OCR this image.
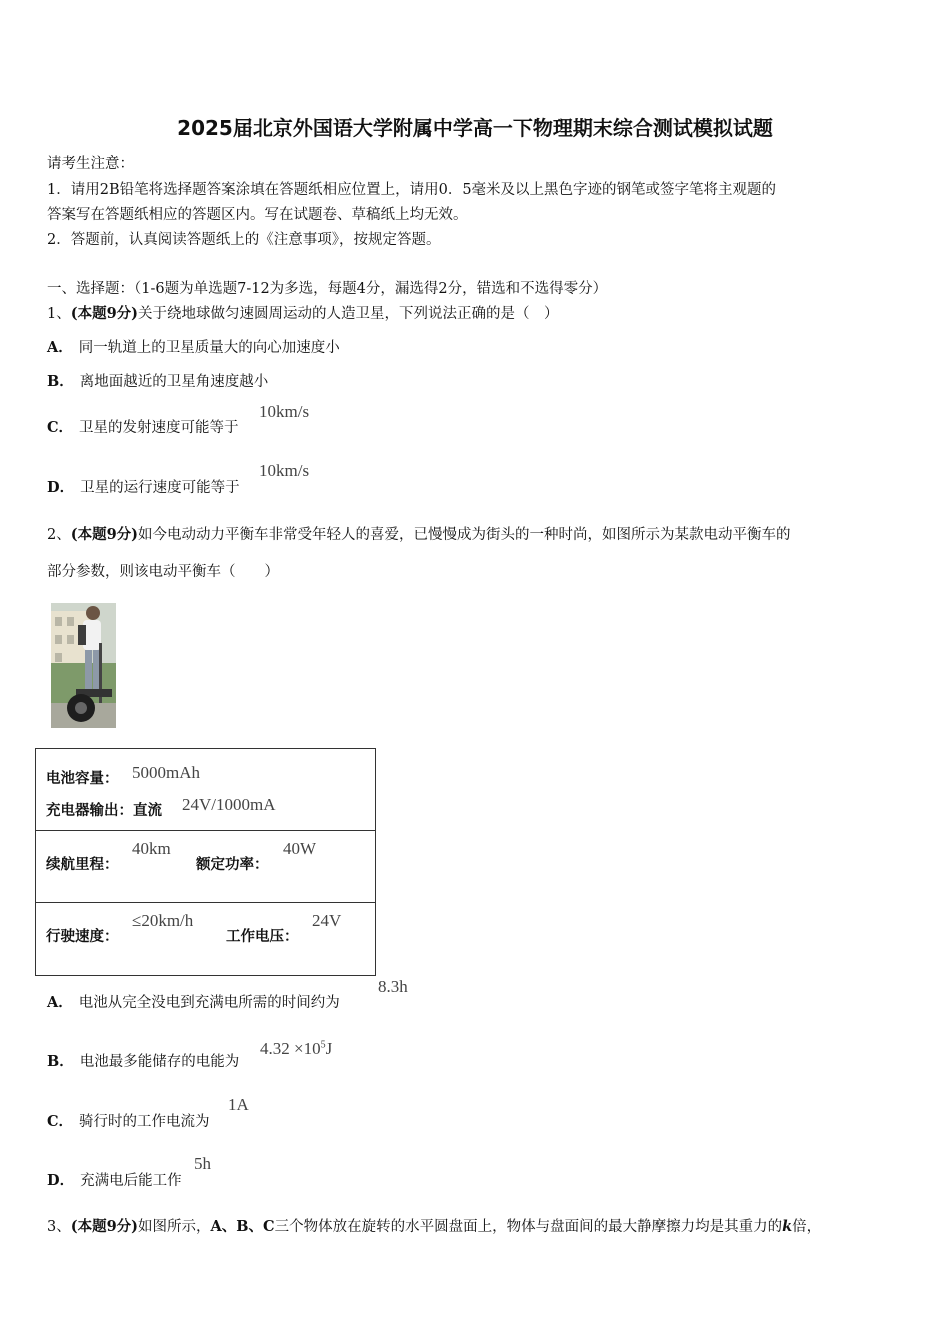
2025届北京外国语大学附属中学高一下物理期末综合测试模拟试题
请考生注意：
1．请用2B铅笔将选择题答案涂填在答题纸相应位置上，请用0．5毫米及以上黑色字迹的钢笔或签字笔将主观题的
答案写在答题纸相应的答题区内。写在试题卷、草稿纸上均无效。
2．答题前，认真阅读答题纸上的《注意事项》，按规定答题。
一、选择题：（1-6题为单选题7-12为多选，每题4分，漏选得2分，错选和不选得零分）
1、(本题9分)关于绕地球做匀速圆周运动的人造卫星，下列说法正确的是（　）
A． 同一轨道上的卫星质量大的向心加速度小
B． 离地面越近的卫星角速度越小
C． 卫星的发射速度可能等于
10km/s
D． 卫星的运行速度可能等于
10km/s
2、(本题9分)如今电动动力平衡车非常受年轻人的喜爱，已慢慢成为街头的一种时尚，如图所示为某款电动平衡车的
部分参数，则该电动平衡车（　　）
电池容量： 5000mAh
充电器输出：直流 24V/1000mA

续航里程：
40km
额定功率：
40W

行驶速度：
≤20km/h
工作电压：
24V
A． 电池从完全没电到充满电所需的时间约为
8.3h
B． 电池最多能储存的电能为
$4.32 \times 10^5J$
C． 骑行时的工作电流为
1A
D． 充满电后能工作
5h
3、(本题9分)如图所示，A、B、C三个物体放在旋转的水平圆盘面上，物体与盘面间的最大静摩擦力均是其重力的k倍，
